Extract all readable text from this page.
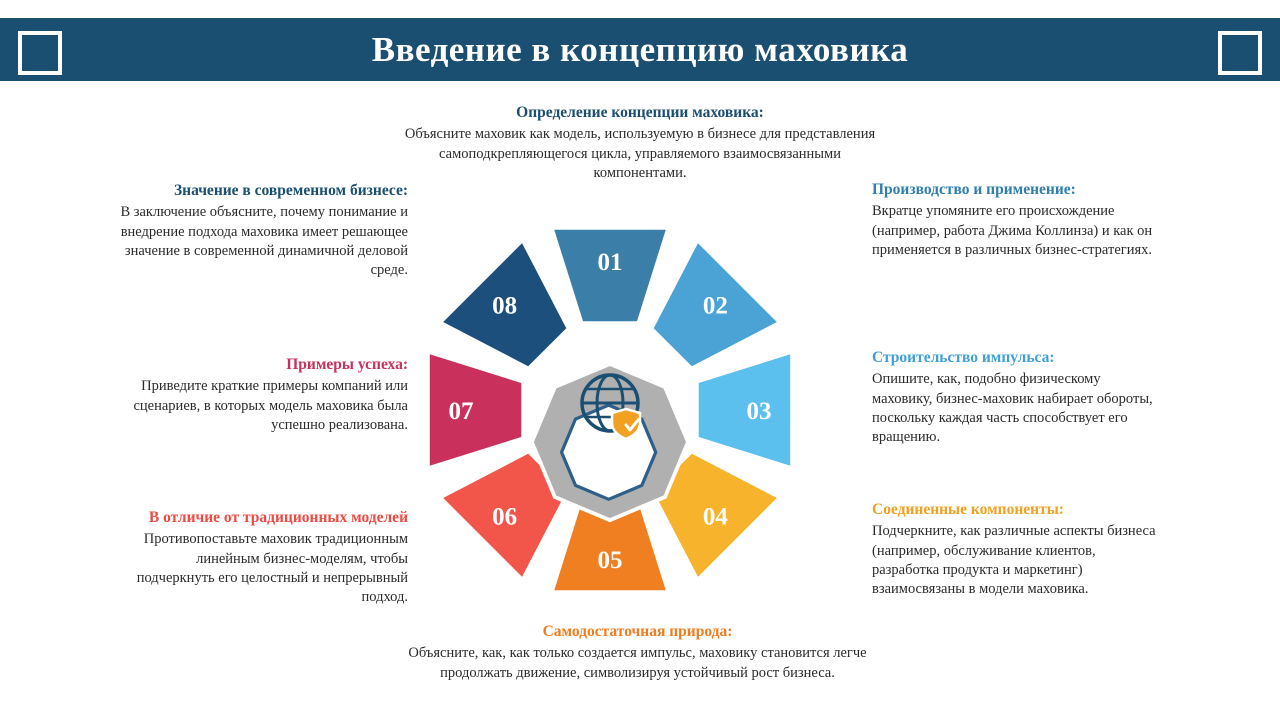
Введение в концепцию маховика
Определение концепции маховика:
Объясните маховик как модель, используемую в бизнесе для представления самоподкрепляющегося цикла, управляемого взаимосвязанными компонентами.
Производство и применение:
Вкратце упомяните его происхождение (например, работа Джима Коллинза) и как он применяется в различных бизнес-стратегиях.
Строительство импульса:
Опишите, как, подобно физическому маховику, бизнес-маховик набирает обороты, поскольку каждая часть способствует его вращению.
Соединенные компоненты:
Подчеркните, как различные аспекты бизнеса (например, обслуживание клиентов, разработка продукта и маркетинг) взаимосвязаны в модели маховика.
Самодостаточная природа:
Объясните, как, как только создается импульс, маховику становится легче продолжать движение, символизируя устойчивый рост бизнеса.
В отличие от традиционных моделей
Противопоставьте маховик традиционным линейным бизнес-моделям, чтобы подчеркнуть его целостный и непрерывный подход.
Примеры успеха:
Приведите краткие примеры компаний или сценариев, в которых модель маховика была успешно реализована.
Значение в современном бизнесе:
В заключение объясните, почему понимание и внедрение подхода маховика имеет решающее значение в современной динамичной деловой среде.	01
02
03
04
05
06
07
08
